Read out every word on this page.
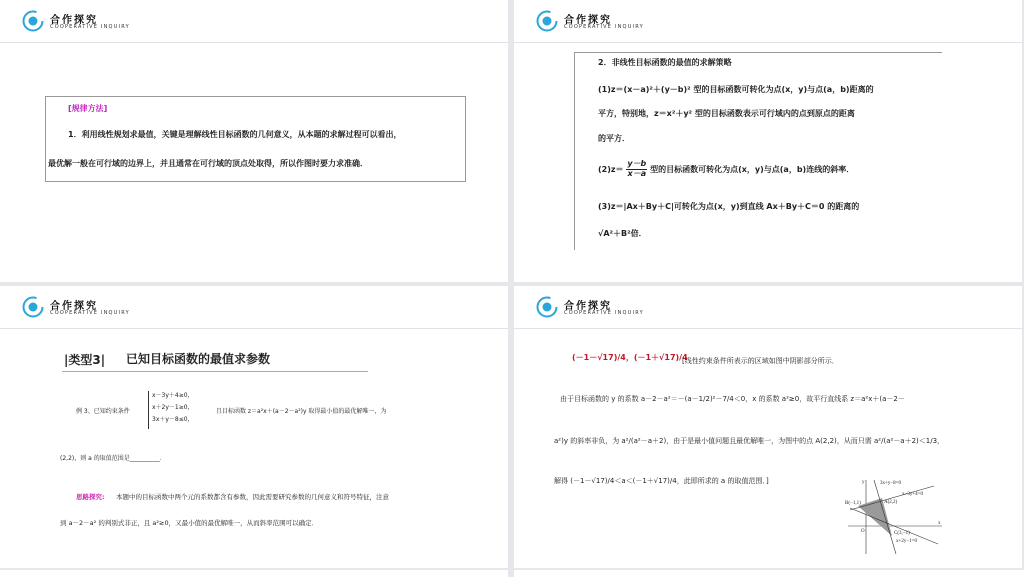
合作探究
COOPERATIVE INQUIRY
[规律方法]
1．利用线性规划求最值，关键是理解线性目标函数的几何意义，从本题的求解过程可以看出，
最优解一般在可行域的边界上，并且通常在可行域的顶点处取得，所以作图时要力求准确．
合作探究
COOPERATIVE INQUIRY
2．非线性目标函数的最值的求解策略
(1)z＝(x－a)²＋(y－b)² 型的目标函数可转化为点(x，y)与点(a，b)距离的
平方，特别地，z＝x²＋y² 型的目标函数表示可行域内的点到原点的距离
的平方．
$(2)z= \frac{y-b}{x-a}$ 型的目标函数可转化为点(x，y)与点(a，b)连线的斜率．
(3)z＝|Ax＋By＋C|可转化为点(x，y)到直线 Ax＋By＋C＝0 的距离的
√A²＋B²倍．
合作探究
COOPERATIVE INQUIRY
|类型3| 已知目标函数的最值求参数
例 3、已知约束条件
x－3y＋4≥0，
x＋2y－1≥0，
3x＋y－8≤0，
且目标函数 z＝a²x＋(a－2－a²)y 取得最小值的最优解唯一，为
(2,2)，则 a 的取值范围是__________．
思路探究: 本题中的目标函数中两个元的系数都含有参数，因此需要研究参数的几何意义和符号特征，注意
到 a－2－a² 的判别式非正，且 a²≥0，又最小值的最优解唯一，从而斜率范围可以确定．
合作探究
COOPERATIVE INQUIRY
(－1－√17)/4，(－1＋√17)/4
[线性约束条件所表示的区域如图中阴影部分所示．
由于目标函数的 y 的系数 a－2－a²＝－(a－1/2)²－7/4＜0，x 的系数 a²≥0，故平行直线系 z＝a²x＋(a－2－
a²)y 的斜率非负，为 a²/(a²－a＋2)，由于是最小值问题且最优解唯一，为图中的点 A(2,2)，从而只需 a²/(a²－a＋2)＜1/3，
解得 (－1－√17)/4＜a＜(－1＋√17)/4，此即所求的 a 的取值范围．]	3x+y−8=0
x−3y+4=0
B(−1,1)	A(2,2)
C(3,−1)
x+2y−1=0
O
x
y
